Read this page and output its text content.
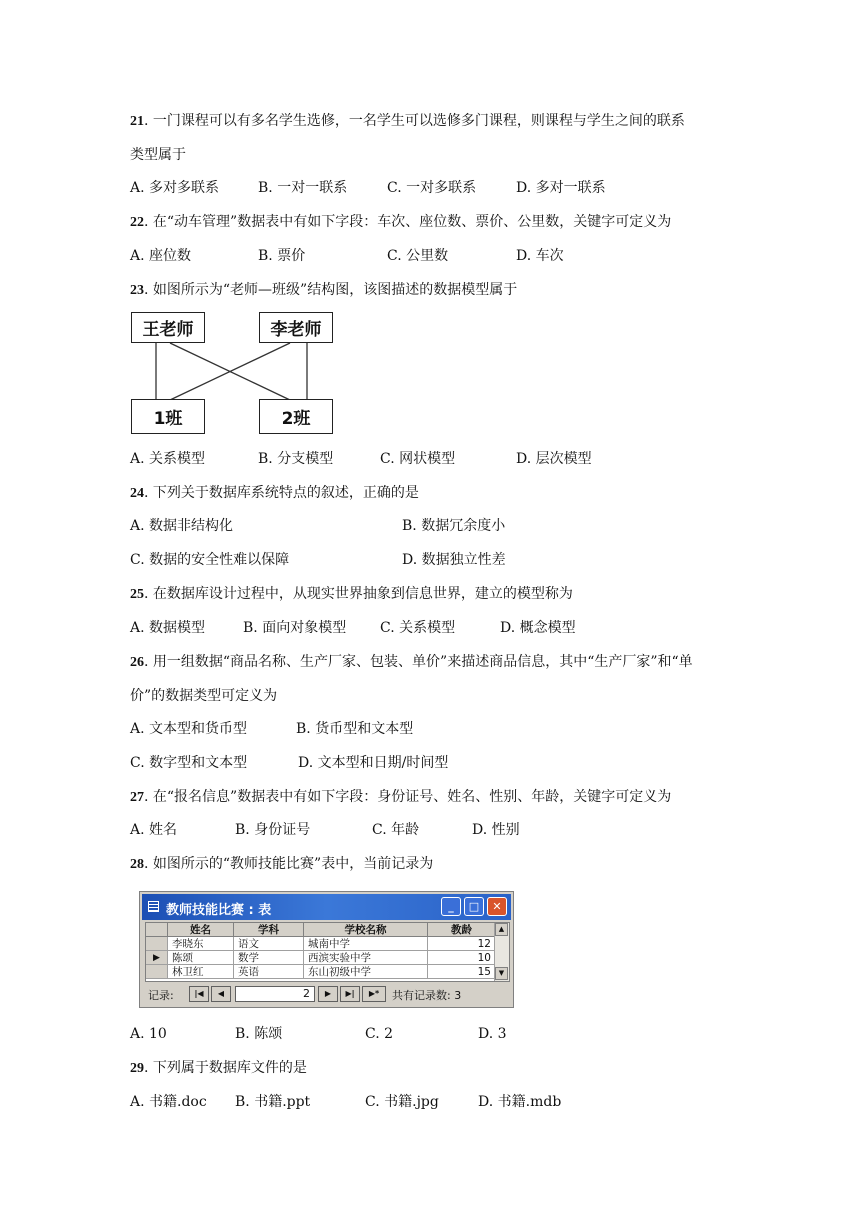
21. 一门课程可以有多名学生选修，一名学生可以选修多门课程，则课程与学生之间的联系
类型属于
A. 多对多联系	B. 一对一联系	C. 一对多联系	D. 多对一联系
22. 在“动车管理”数据表中有如下字段：车次、座位数、票价、公里数，关键字可定义为
A. 座位数	B. 票价	C. 公里数	D. 车次
23. 如图所示为“老师—班级”结构图，该图描述的数据模型属于
王老师	李老师
1班	2班
A. 关系模型	B. 分支模型	C. 网状模型	D. 层次模型
24. 下列关于数据库系统特点的叙述，正确的是
A. 数据非结构化	B. 数据冗余度小
C. 数据的安全性难以保障	D. 数据独立性差
25. 在数据库设计过程中，从现实世界抽象到信息世界，建立的模型称为
A. 数据模型	B. 面向对象模型 C. 关系模型	D. 概念模型
26. 用一组数据“商品名称、生产厂家、包装、单价”来描述商品信息，其中“生产厂家”和“单
价”的数据类型可定义为
A. 文本型和货币型	B. 货币型和文本型
C. 数字型和文本型	D. 文本型和日期/时间型
27. 在“报名信息”数据表中有如下字段：身份证号、姓名、性别、年龄，关键字可定义为
A. 姓名	B. 身份证号	C. 年龄	D. 性别
28. 如图所示的“教师技能比赛”表中，当前记录为
教师技能比赛 : 表	_	□	✕
姓名	学科	学校名称	教龄
李晓东	语文	城南中学	12
▶	陈颂	数学	西滨实验中学	10
林卫红	英语	东山初级中学	15
▲
▼
记录:	|◀	◀	2	▶	▶|	▶*	共有记录数: 3
A. 10	B. 陈颂	C. 2	D. 3
29. 下列属于数据库文件的是
A. 书籍.doc B. 书籍.ppt	C. 书籍.jpg	D. 书籍.mdb
